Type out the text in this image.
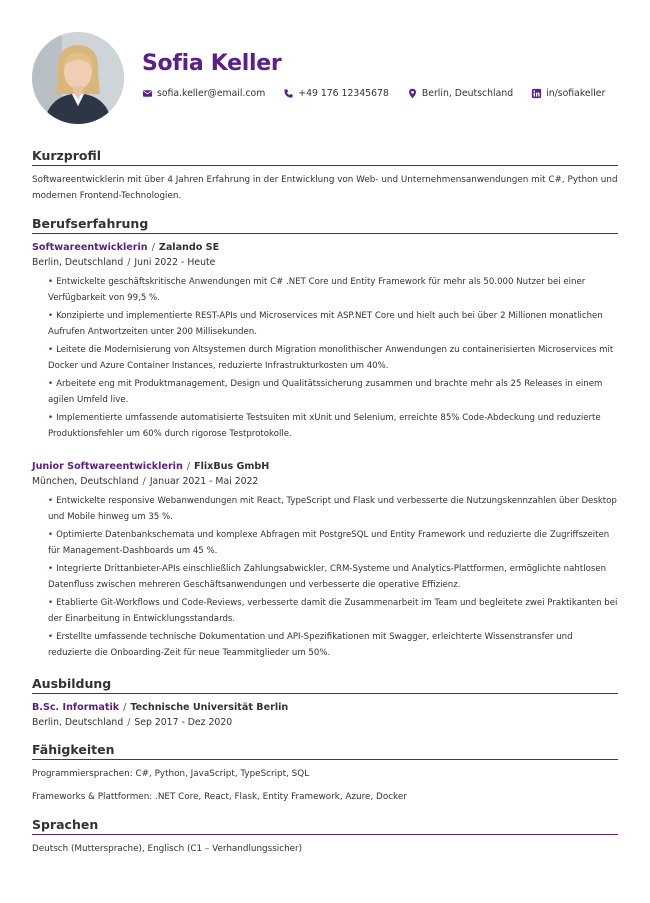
Sofia Keller
sofia.keller@email.com	+49 176 12345678	Berlin, Deutschland	in/sofiakeller
Kurzprofil

Softwareentwicklerin mit über 4 Jahren Erfahrung in der Entwicklung von Web- und Unternehmensanwendungen mit C#, Python und modernen Frontend-Technologien.

Berufserfahrung
Softwareentwicklerin / Zalando SE
Berlin, Deutschland / Juni 2022 - Heute
• Entwickelte geschäftskritische Anwendungen mit C# .NET Core und Entity Framework für mehr als 50.000 Nutzer bei einer Verfügbarkeit von 99,5 %.
• Konzipierte und implementierte REST-APIs und Microservices mit ASP.NET Core und hielt auch bei über 2 Millionen monatlichen Aufrufen Antwortzeiten unter 200 Millisekunden.
• Leitete die Modernisierung von Altsystemen durch Migration monolithischer Anwendungen zu containerisierten Microservices mit Docker und Azure Container Instances, reduzierte Infrastrukturkosten um 40%.
• Arbeitete eng mit Produktmanagement, Design und Qualitätssicherung zusammen und brachte mehr als 25 Releases in einem agilen Umfeld live.
• Implementierte umfassende automatisierte Testsuiten mit xUnit und Selenium, erreichte 85% Code-Abdeckung und reduzierte Produktionsfehler um 60% durch rigorose Testprotokolle.
Junior Softwareentwicklerin / FlixBus GmbH
München, Deutschland / Januar 2021 - Mai 2022
• Entwickelte responsive Webanwendungen mit React, TypeScript und Flask und verbesserte die Nutzungskennzahlen über Desktop und Mobile hinweg um 35 %.
• Optimierte Datenbankschemata und komplexe Abfragen mit PostgreSQL und Entity Framework und reduzierte die Zugriffszeiten für Management-Dashboards um 45 %.
• Integrierte Drittanbieter-APIs einschließlich Zahlungsabwickler, CRM-Systeme und Analytics-Plattformen, ermöglichte nahtlosen Datenfluss zwischen mehreren Geschäftsanwendungen und verbesserte die operative Effizienz.
• Etablierte Git-Workflows und Code-Reviews, verbesserte damit die Zusammenarbeit im Team und begleitete zwei Praktikanten bei der Einarbeitung in Entwicklungsstandards.
• Erstellte umfassende technische Dokumentation und API-Spezifikationen mit Swagger, erleichterte Wissenstransfer und reduzierte die Onboarding-Zeit für neue Teammitglieder um 50%.
Ausbildung
B.Sc. Informatik / Technische Universität Berlin
Berlin, Deutschland / Sep 2017 - Dez 2020
Fähigkeiten

Programmiersprachen: C#, Python, JavaScript, TypeScript, SQL

Frameworks & Plattformen: .NET Core, React, Flask, Entity Framework, Azure, Docker

Sprachen

Deutsch (Muttersprache), Englisch (C1 – Verhandlungssicher)
